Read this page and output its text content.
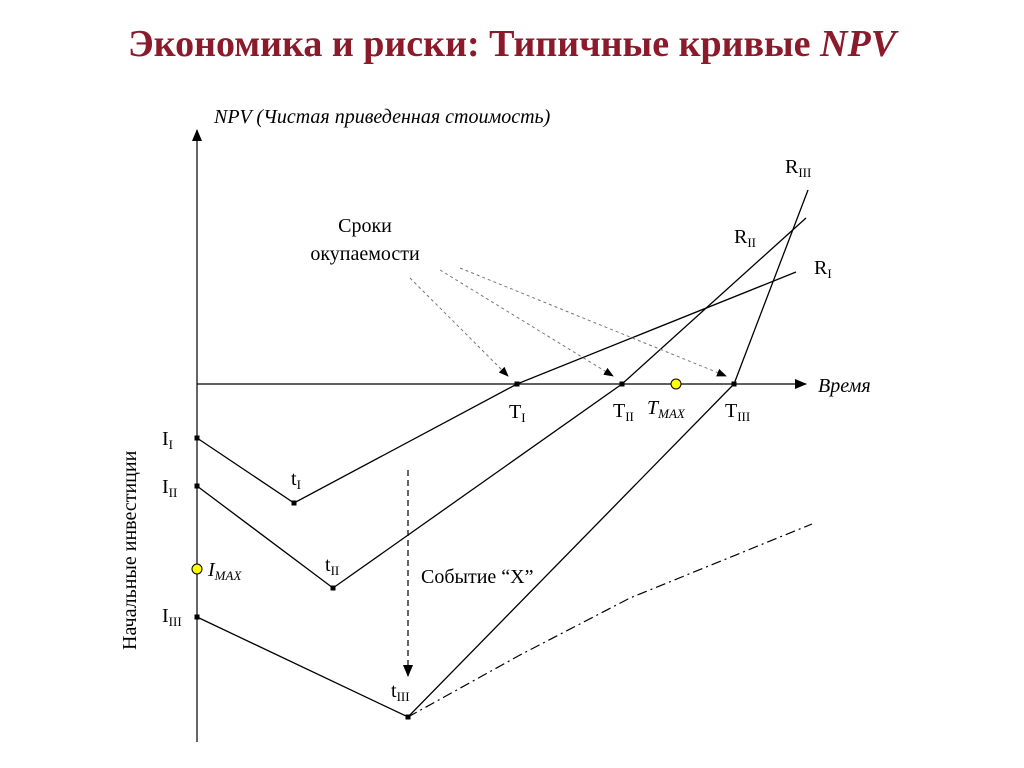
Экономика и риски: Типичные кривые NPV
NPV (Чистая приведенная стоимость)
Время
Начальные инвестиции
$I_I$
$I_{II}$
$I_{III}$
$I_{MAX}$
$t_I$
$t_{II}$
$t_{III}$
$T_I$	$T_{II}$ $T_{MAX}$ $T_{III}$
$R_I$
$R_{II}$
$R_{III}$
Сроки
окупаемости
Событие “X”
